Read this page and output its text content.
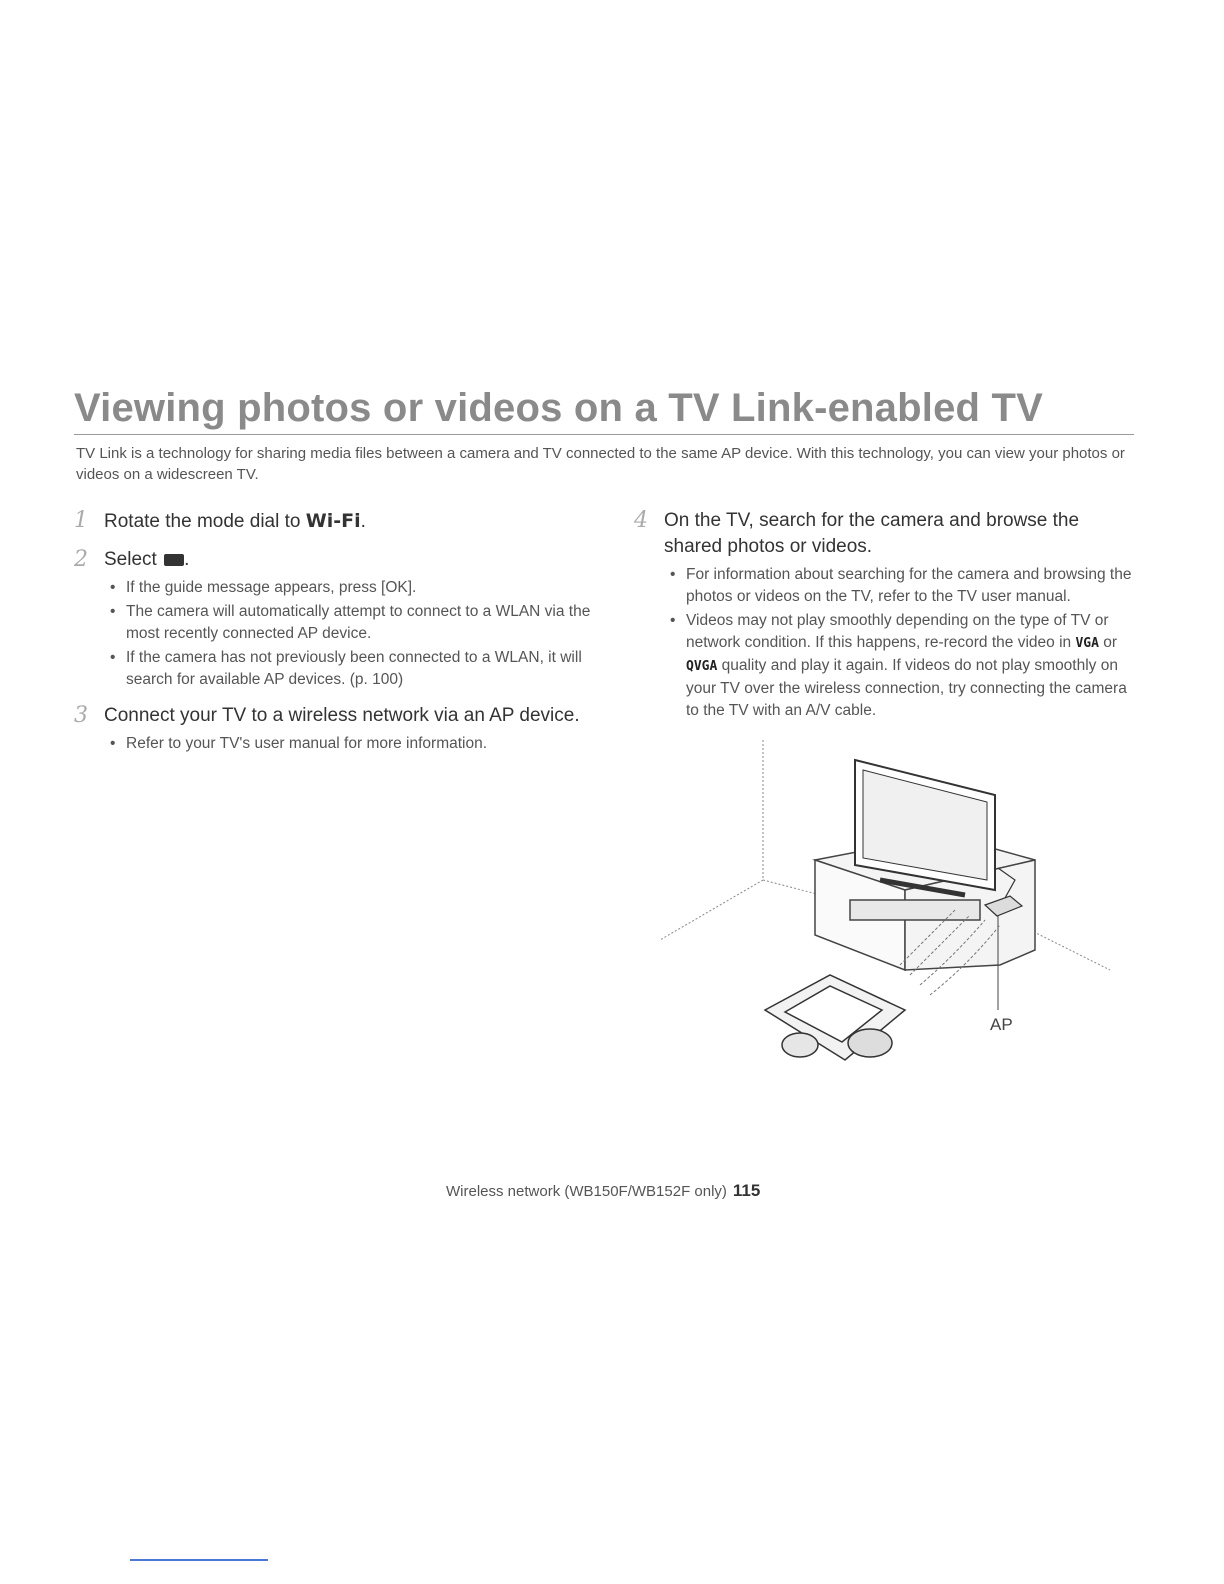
Viewing photos or videos on a TV Link-enabled TV

TV Link is a technology for sharing media files between a camera and TV connected to the same AP device. With this technology, you can view your photos or videos on a widescreen TV.

1 Rotate the mode dial to Wi-Fi.

2 Select .

• If the guide message appears, press [OK].
• The camera will automatically attempt to connect to a WLAN via the most recently connected AP device.
• If the camera has not previously been connected to a WLAN, it will search for available AP devices. (p. 100)
3 Connect your TV to a wireless network via an AP device.

• Refer to your TV's user manual for more information.
4 On the TV, search for the camera and browse the shared photos or videos.

• For information about searching for the camera and browsing the photos or videos on the TV, refer to the TV user manual.
• Videos may not play smoothly depending on the type of TV or network condition. If this happens, re-record the video in VGA or QVGA quality and play it again. If videos do not play smoothly on your TV over the wireless connection, try connecting the camera to the TV with an A/V cable.
AP
Wireless network (WB150F/WB152F only) 115
